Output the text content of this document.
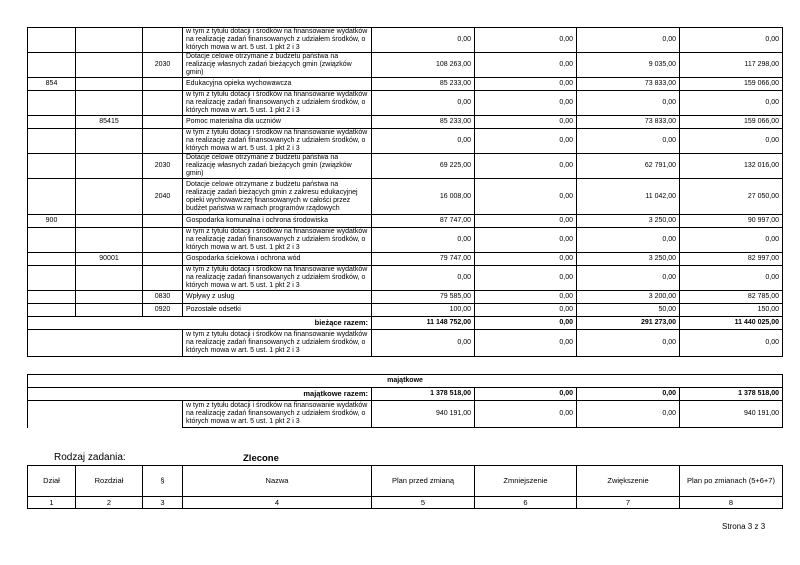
			w tym z tytułu dotacji i środków na finansowanie wydatków na realizację zadań finansowanych z udziałem środków, o których mowa w art. 5 ust. 1 pkt 2 i 3	0,00	0,00	0,00	0,00
		2030	Dotacje celowe otrzymane z budżetu państwa na realizację własnych zadań bieżących gmin (związków gmin)	108 263,00	0,00	9 035,00	117 298,00
854			Edukacyjna opieka wychowawcza	85 233,00	0,00	73 833,00	159 066,00
			w tym z tytułu dotacji i środków na finansowanie wydatków na realizację zadań finansowanych z udziałem środków, o których mowa w art. 5 ust. 1 pkt 2 i 3	0,00	0,00	0,00	0,00
	85415		Pomoc materialna dla uczniów	85 233,00	0,00	73 833,00	159 066,00
			w tym z tytułu dotacji i środków na finansowanie wydatków na realizację zadań finansowanych z udziałem środków, o których mowa w art. 5 ust. 1 pkt 2 i 3	0,00	0,00	0,00	0,00
		2030	Dotacje celowe otrzymane z budżetu państwa na realizację własnych zadań bieżących gmin (związków gmin)	69 225,00	0,00	62 791,00	132 016,00
		2040	Dotacje celowe otrzymane z budżetu państwa na realizację zadań bieżących gmin z zakresu edukacyjnej opieki wychowawczej finansowanych w całości przez budżet państwa w ramach programów rządowych	16 008,00	0,00	11 042,00	27 050,00
900			Gospodarka komunalna i ochrona środowiska	87 747,00	0,00	3 250,00	90 997,00
			w tym z tytułu dotacji i środków na finansowanie wydatków na realizację zadań finansowanych z udziałem środków, o których mowa w art. 5 ust. 1 pkt 2 i 3	0,00	0,00	0,00	0,00
	90001		Gospodarka ściekowa i ochrona wód	79 747,00	0,00	3 250,00	82 997,00
			w tym z tytułu dotacji i środków na finansowanie wydatków na realizację zadań finansowanych z udziałem środków, o których mowa w art. 5 ust. 1 pkt 2 i 3	0,00	0,00	0,00	0,00
		0830	Wpływy z usług	79 585,00	0,00	3 200,00	82 785,00
		0920	Pozostałe odsetki	100,00	0,00	50,00	150,00
bieżące razem:				11 148 752,00	0,00	291 273,00	11 440 025,00
			w tym z tytułu dotacji i środków na finansowanie wydatków na realizację zadań finansowanych z udziałem środków, o których mowa w art. 5 ust. 1 pkt 2 i 3	0,00	0,00	0,00	0,00
majątkowe					
majątkowe razem:		1 378 518,00	0,00	0,00	1 378 518,00
	w tym z tytułu dotacji i środków na finansowanie wydatków na realizację zadań finansowanych z udziałem środków, o których mowa w art. 5 ust. 1 pkt 2 i 3	940 191,00	0,00	0,00	940 191,00
Rodzaj zadania:	Zlecone
Dział	Rozdział	§	Nazwa	Plan przed zmianą	Zmniejszenie	Zwiększenie	Plan po zmianach (5+6+7)
1	2	3	4	5	6	7	8
Strona 3 z 3
